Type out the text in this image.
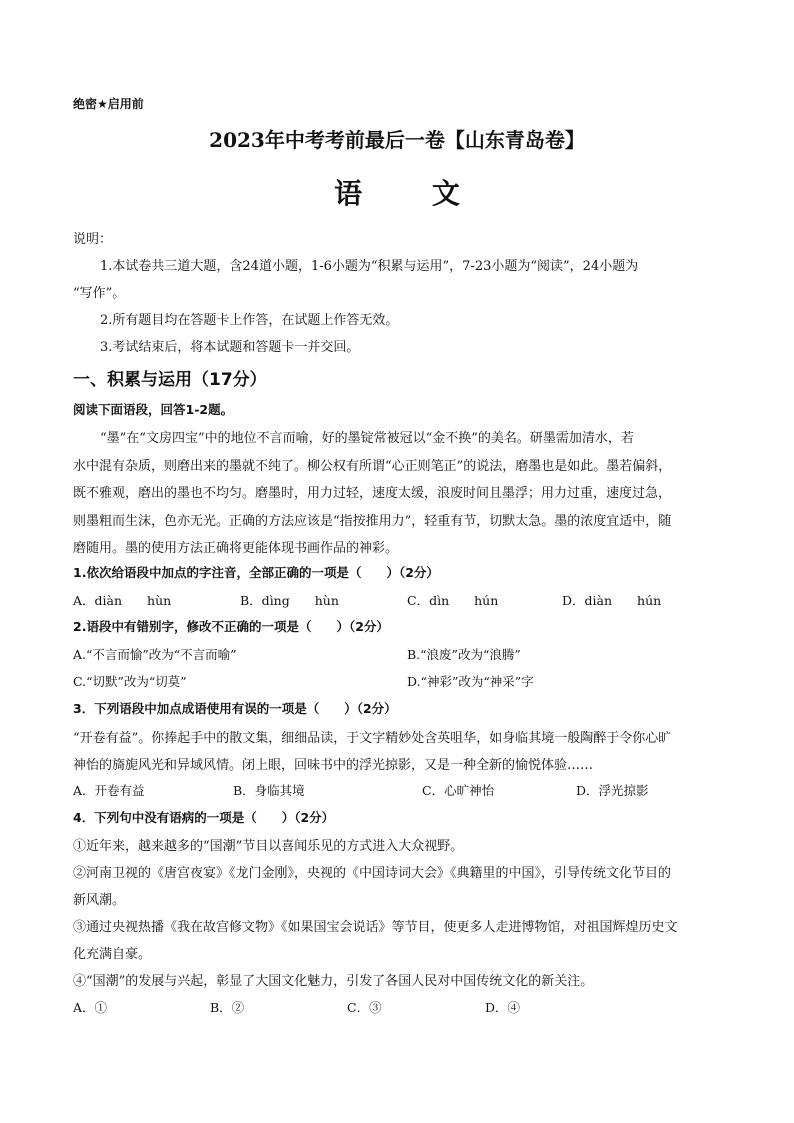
绝密★启用前
2023年中考考前最后一卷【山东青岛卷】
语 文
说明：
1.本试卷共三道大题，含24道小题，1-6小题为“积累与运用”，7-23小题为“阅读”，24小题为
“写作”。
2.所有题目均在答题卡上作答，在试题上作答无效。
3.考试结束后，将本试题和答题卡一并交回。
一、积累与运用（17分）
阅读下面语段，回答1-2题。
“墨”在“文房四宝”中的地位不言而喻，好的墨锭常被冠以“金不换”的美名。研墨需加清水，若
水中混有杂质，则磨出来的墨就不纯了。柳公权有所谓“心正则笔正”的说法，磨墨也是如此。墨若偏斜，
既不雅观，磨出的墨也不均匀。磨墨时，用力过轻，速度太缓，浪废时间且墨浮；用力过重，速度过急，
则墨粗而生沫，色亦无光。正确的方法应该是“指按推用力”，轻重有节，切默太急。墨的浓度宜适中，随
磨随用。墨的使用方法正确将更能体现书画作品的神彩。
1.依次给语段中加点的字注音，全部正确的一项是（　　）（2分）
A．diàn　　hùn	B．dìng　　hùn	C．dìn　　hún	D．diàn　　hún
2.语段中有错别字，修改不正确的一项是（　　）（2分）
A.“不言而愉”改为“不言而喻”	B.“浪废”改为“浪腾”
C.“切默”改为“切莫”	D.“神彩”改为“神采”字
3．下列语段中加点成语使用有误的一项是（　　）（2分）
“开卷有益”。你捧起手中的散文集，细细品读，于文字精妙处含英咀华，如身临其境一般陶醉于令你心旷
神怡的旖旎风光和异域风情。闭上眼，回味书中的浮光掠影，又是一种全新的愉悦体验……
A．开卷有益	B．身临其境	C．心旷神怡	D．浮光掠影
4．下列句中没有语病的一项是（　　）（2分）
①近年来，越来越多的“国潮”节目以喜闻乐见的方式进入大众视野。
②河南卫视的《唐宫夜宴》《龙门金刚》，央视的《中国诗词大会》《典籍里的中国》，引导传统文化节目的
新风潮。
③通过央视热播《我在故宫修文物》《如果国宝会说话》等节目，使更多人走进博物馆，对祖国辉煌历史文
化充满自豪。
④“国潮”的发展与兴起，彰显了大国文化魅力，引发了各国人民对中国传统文化的新关注。
A．①	B．②	C．③	D．④
